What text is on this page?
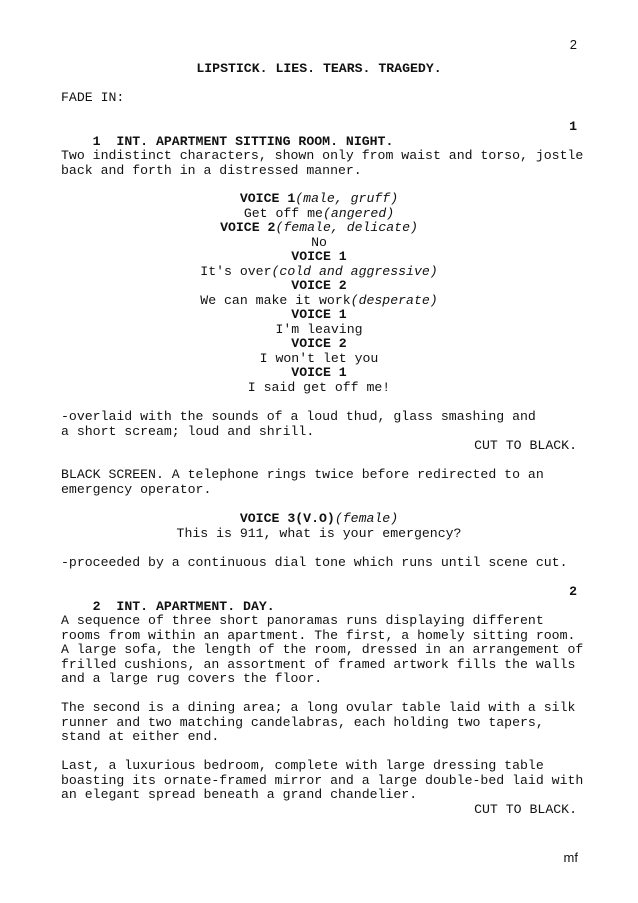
2
LIPSTICK. LIES. TEARS. TRAGEDY.
FADE IN:

1 INT. APARTMENT SITTING ROOM. NIGHT.
1

Two indistinct characters, shown only from waist and torso, jostle
back and forth in a distressed manner.
VOICE 1(male, gruff)
Get off me(angered)
VOICE 2(female, delicate)
No
VOICE 1
It's over(cold and aggressive)
VOICE 2
We can make it work(desperate)
VOICE 1
I'm leaving
VOICE 2
I won't let you
VOICE 1
I said get off me!
-overlaid with the sounds of a loud thud, glass smashing and
a short scream; loud and shrill.
CUT TO BLACK.
BLACK SCREEN. A telephone rings twice before redirected to an
emergency operator.
VOICE 3(V.O)(female)
This is 911, what is your emergency?
-proceeded by a continuous dial tone which runs until scene cut.

2 INT. APARTMENT. DAY.
2

A sequence of three short panoramas runs displaying different
rooms from within an apartment. The first, a homely sitting room.
A large sofa, the length of the room, dressed in an arrangement of
frilled cushions, an assortment of framed artwork fills the walls
and a large rug covers the floor.
The second is a dining area; a long ovular table laid with a silk
runner and two matching candelabras, each holding two tapers,
stand at either end.
Last, a luxurious bedroom, complete with large dressing table
boasting its ornate-framed mirror and a large double-bed laid with
an elegant spread beneath a grand chandelier.
CUT TO BLACK.
mf
